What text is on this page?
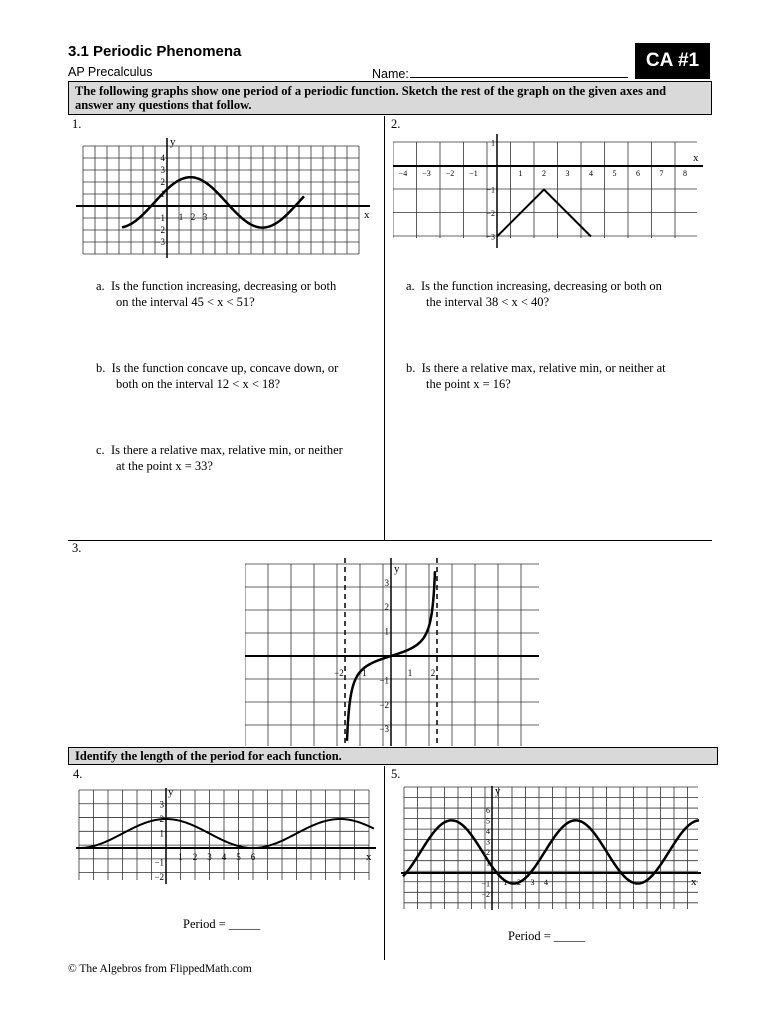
3.1 Periodic Phenomena
AP Precalculus	Name:
CA #1
The following graphs show one period of a periodic function. Sketch the rest of the graph on the given axes and answer any questions that follow.
1.
1 2 3
4
3
2
1
−1
−2
−3
x
y
a. Is the function increasing, decreasing or both
on the interval 45 < x < 51?
b. Is the function concave up, concave down, or
both on the interval 12 < x < 18?
c. Is there a relative max, relative min, or neither
at the point x = 33?
2.
−4 −3 −2 −1	1 2 3 4 5 6 7 8
1
−1
−2
−3
x
a. Is the function increasing, decreasing or both on
the interval 38 < x < 40?
b. Is there a relative max, relative min, or neither at
the point x = 16?
3.
−2 −1	1 2
3
2
1
−1
−2
−3
y
Identify the length of the period for each function.
4.
1 2 3 4 5 6
3
2
1
−1
−2
x
y
Period = _____
5.
1 2 3 4
6
5
4
3
2
1
−1
−2
x
y
Period = _____
© The Algebros from FlippedMath.com
